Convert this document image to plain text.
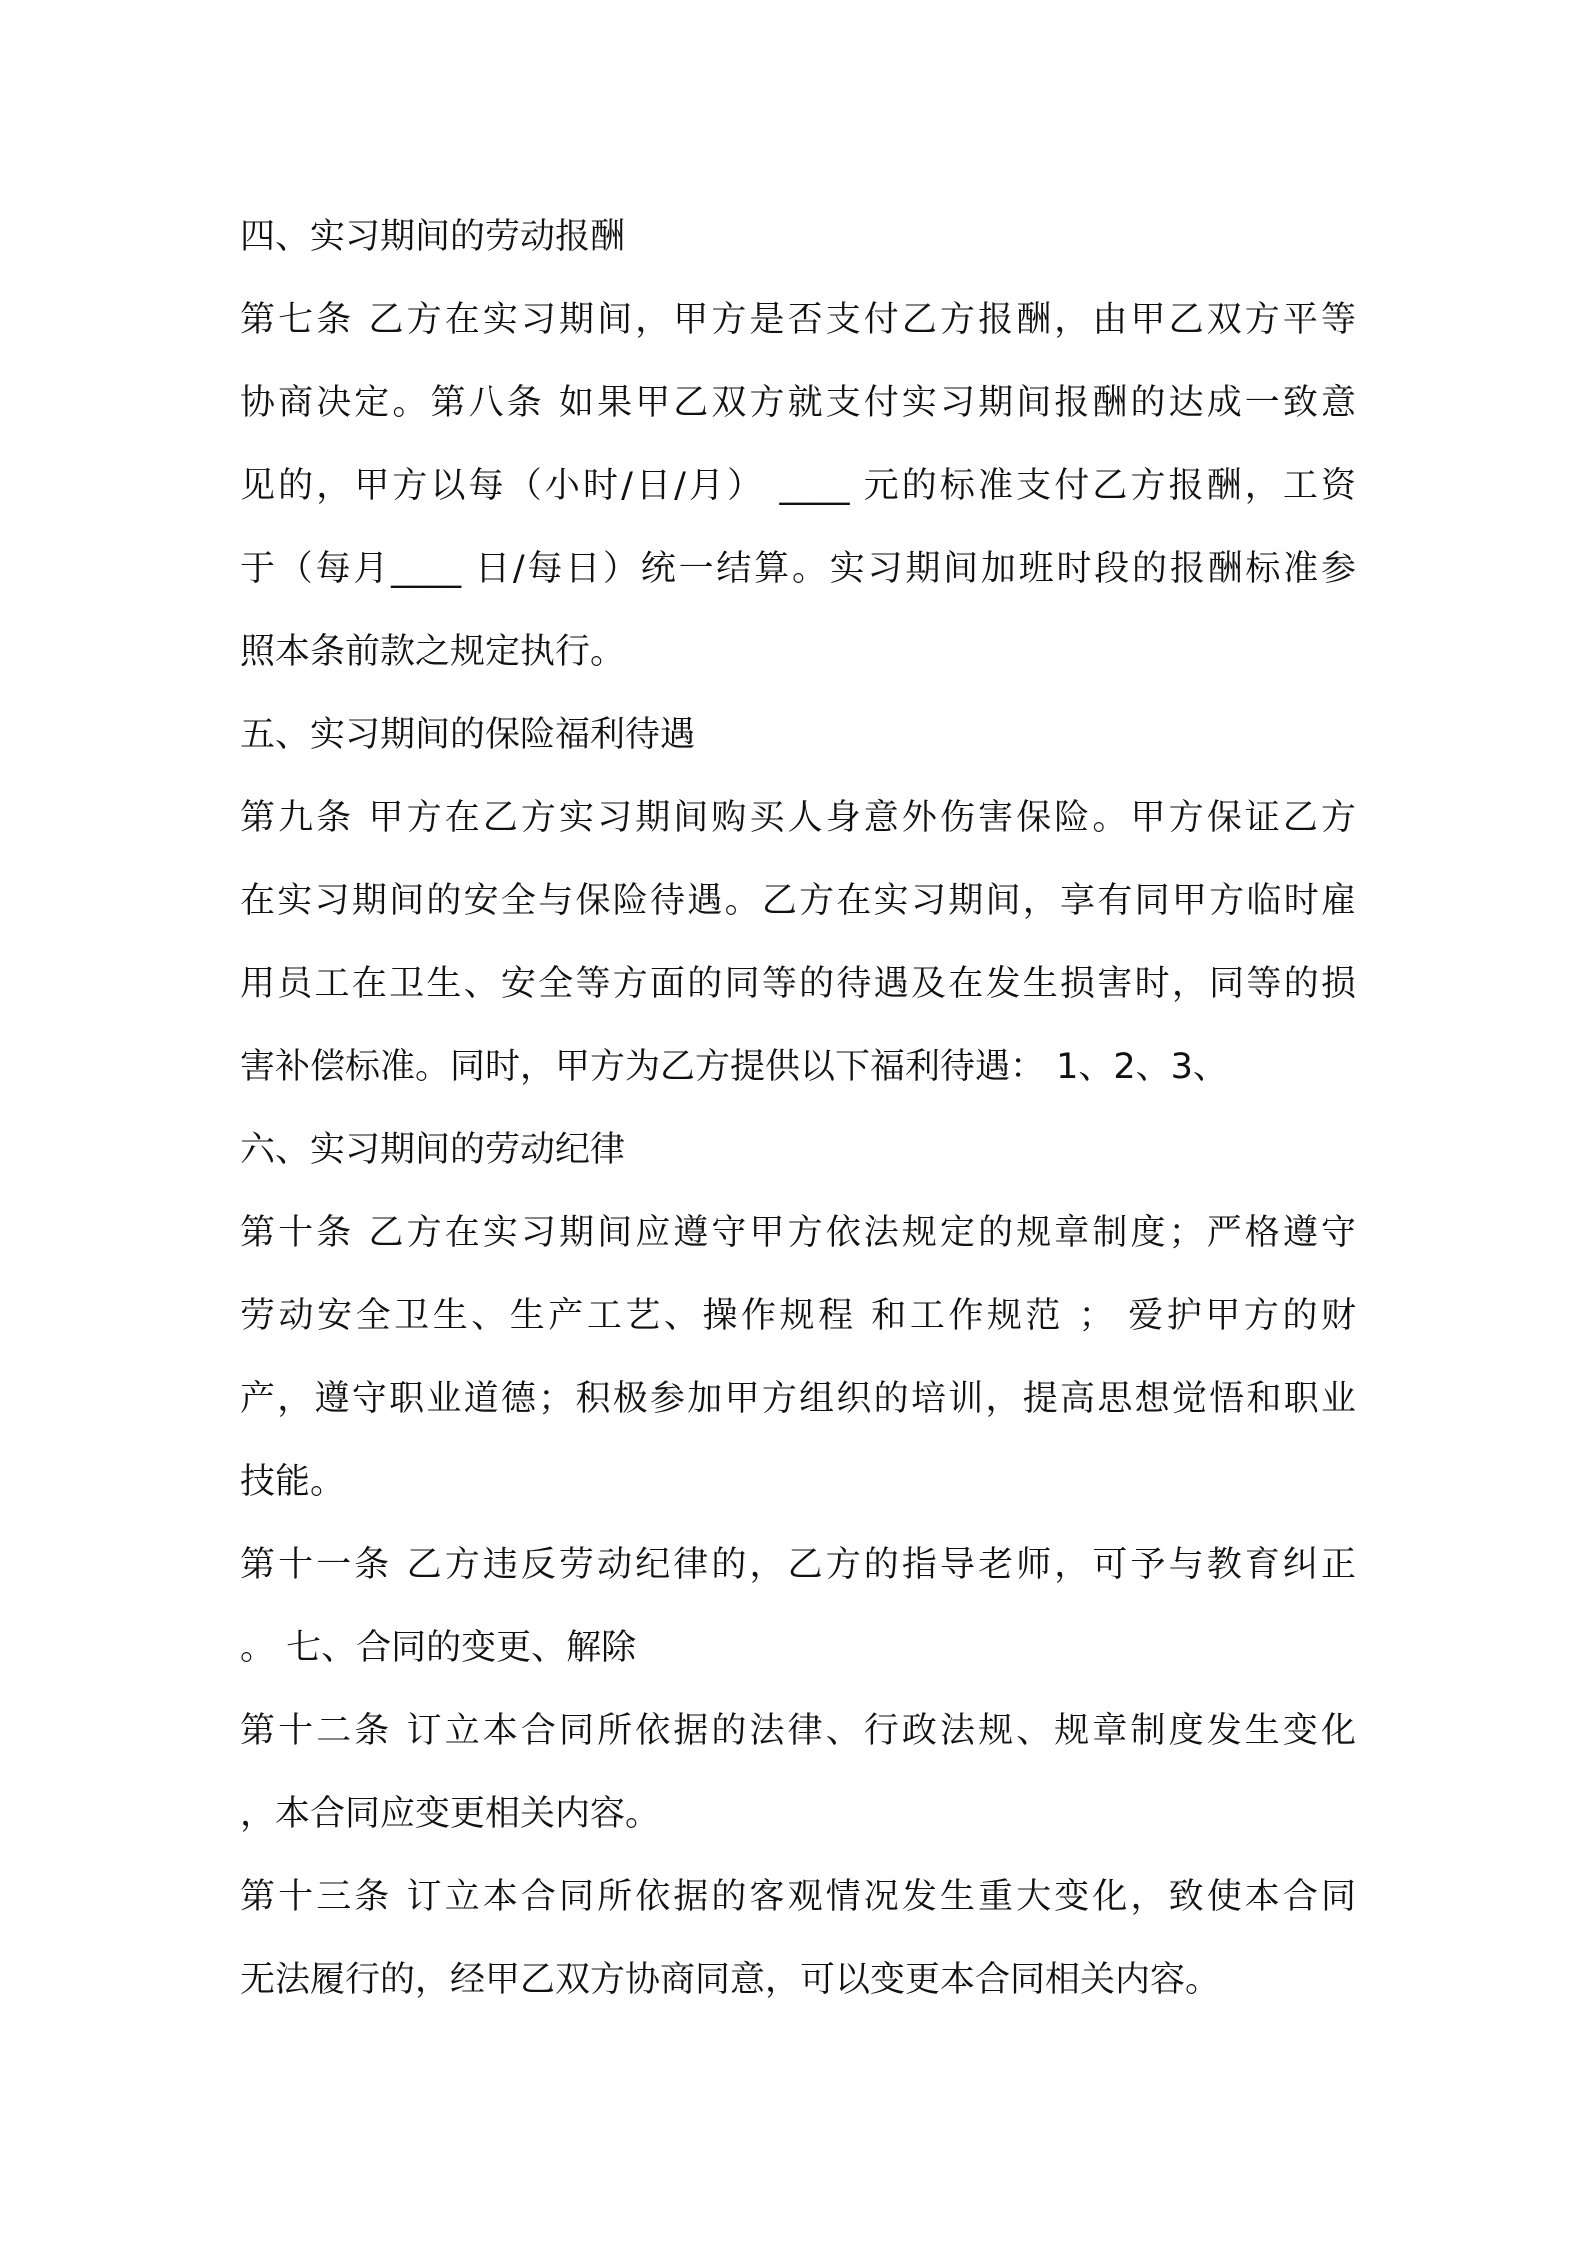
四、实习期间的劳动报酬
第七条 乙方在实习期间，甲方是否支付乙方报酬，由甲乙双方平等
协商决定。第八条 如果甲乙双方就支付实习期间报酬的达成一致意
见的，甲方以每（小时/日/月） ____ 元的标准支付乙方报酬，工资
于（每月____ 日/每日）统一结算。实习期间加班时段的报酬标准参
照本条前款之规定执行。
五、实习期间的保险福利待遇
第九条 甲方在乙方实习期间购买人身意外伤害保险。甲方保证乙方
在实习期间的安全与保险待遇。乙方在实习期间，享有同甲方临时雇
用员工在卫生、安全等方面的同等的待遇及在发生损害时，同等的损
害补偿标准。同时，甲方为乙方提供以下福利待遇： 1、2、3、
六、实习期间的劳动纪律
第十条 乙方在实习期间应遵守甲方依法规定的规章制度；严格遵守
劳动安全卫生、生产工艺、操作规程 和工作规范 ； 爱护甲方的财
产，遵守职业道德；积极参加甲方组织的培训，提高思想觉悟和职业
技能。
第十一条 乙方违反劳动纪律的，乙方的指导老师，可予与教育纠正
。 七、合同的变更、解除
第十二条 订立本合同所依据的法律、行政法规、规章制度发生变化
，本合同应变更相关内容。
第十三条 订立本合同所依据的客观情况发生重大变化，致使本合同
无法履行的，经甲乙双方协商同意，可以变更本合同相关内容。
